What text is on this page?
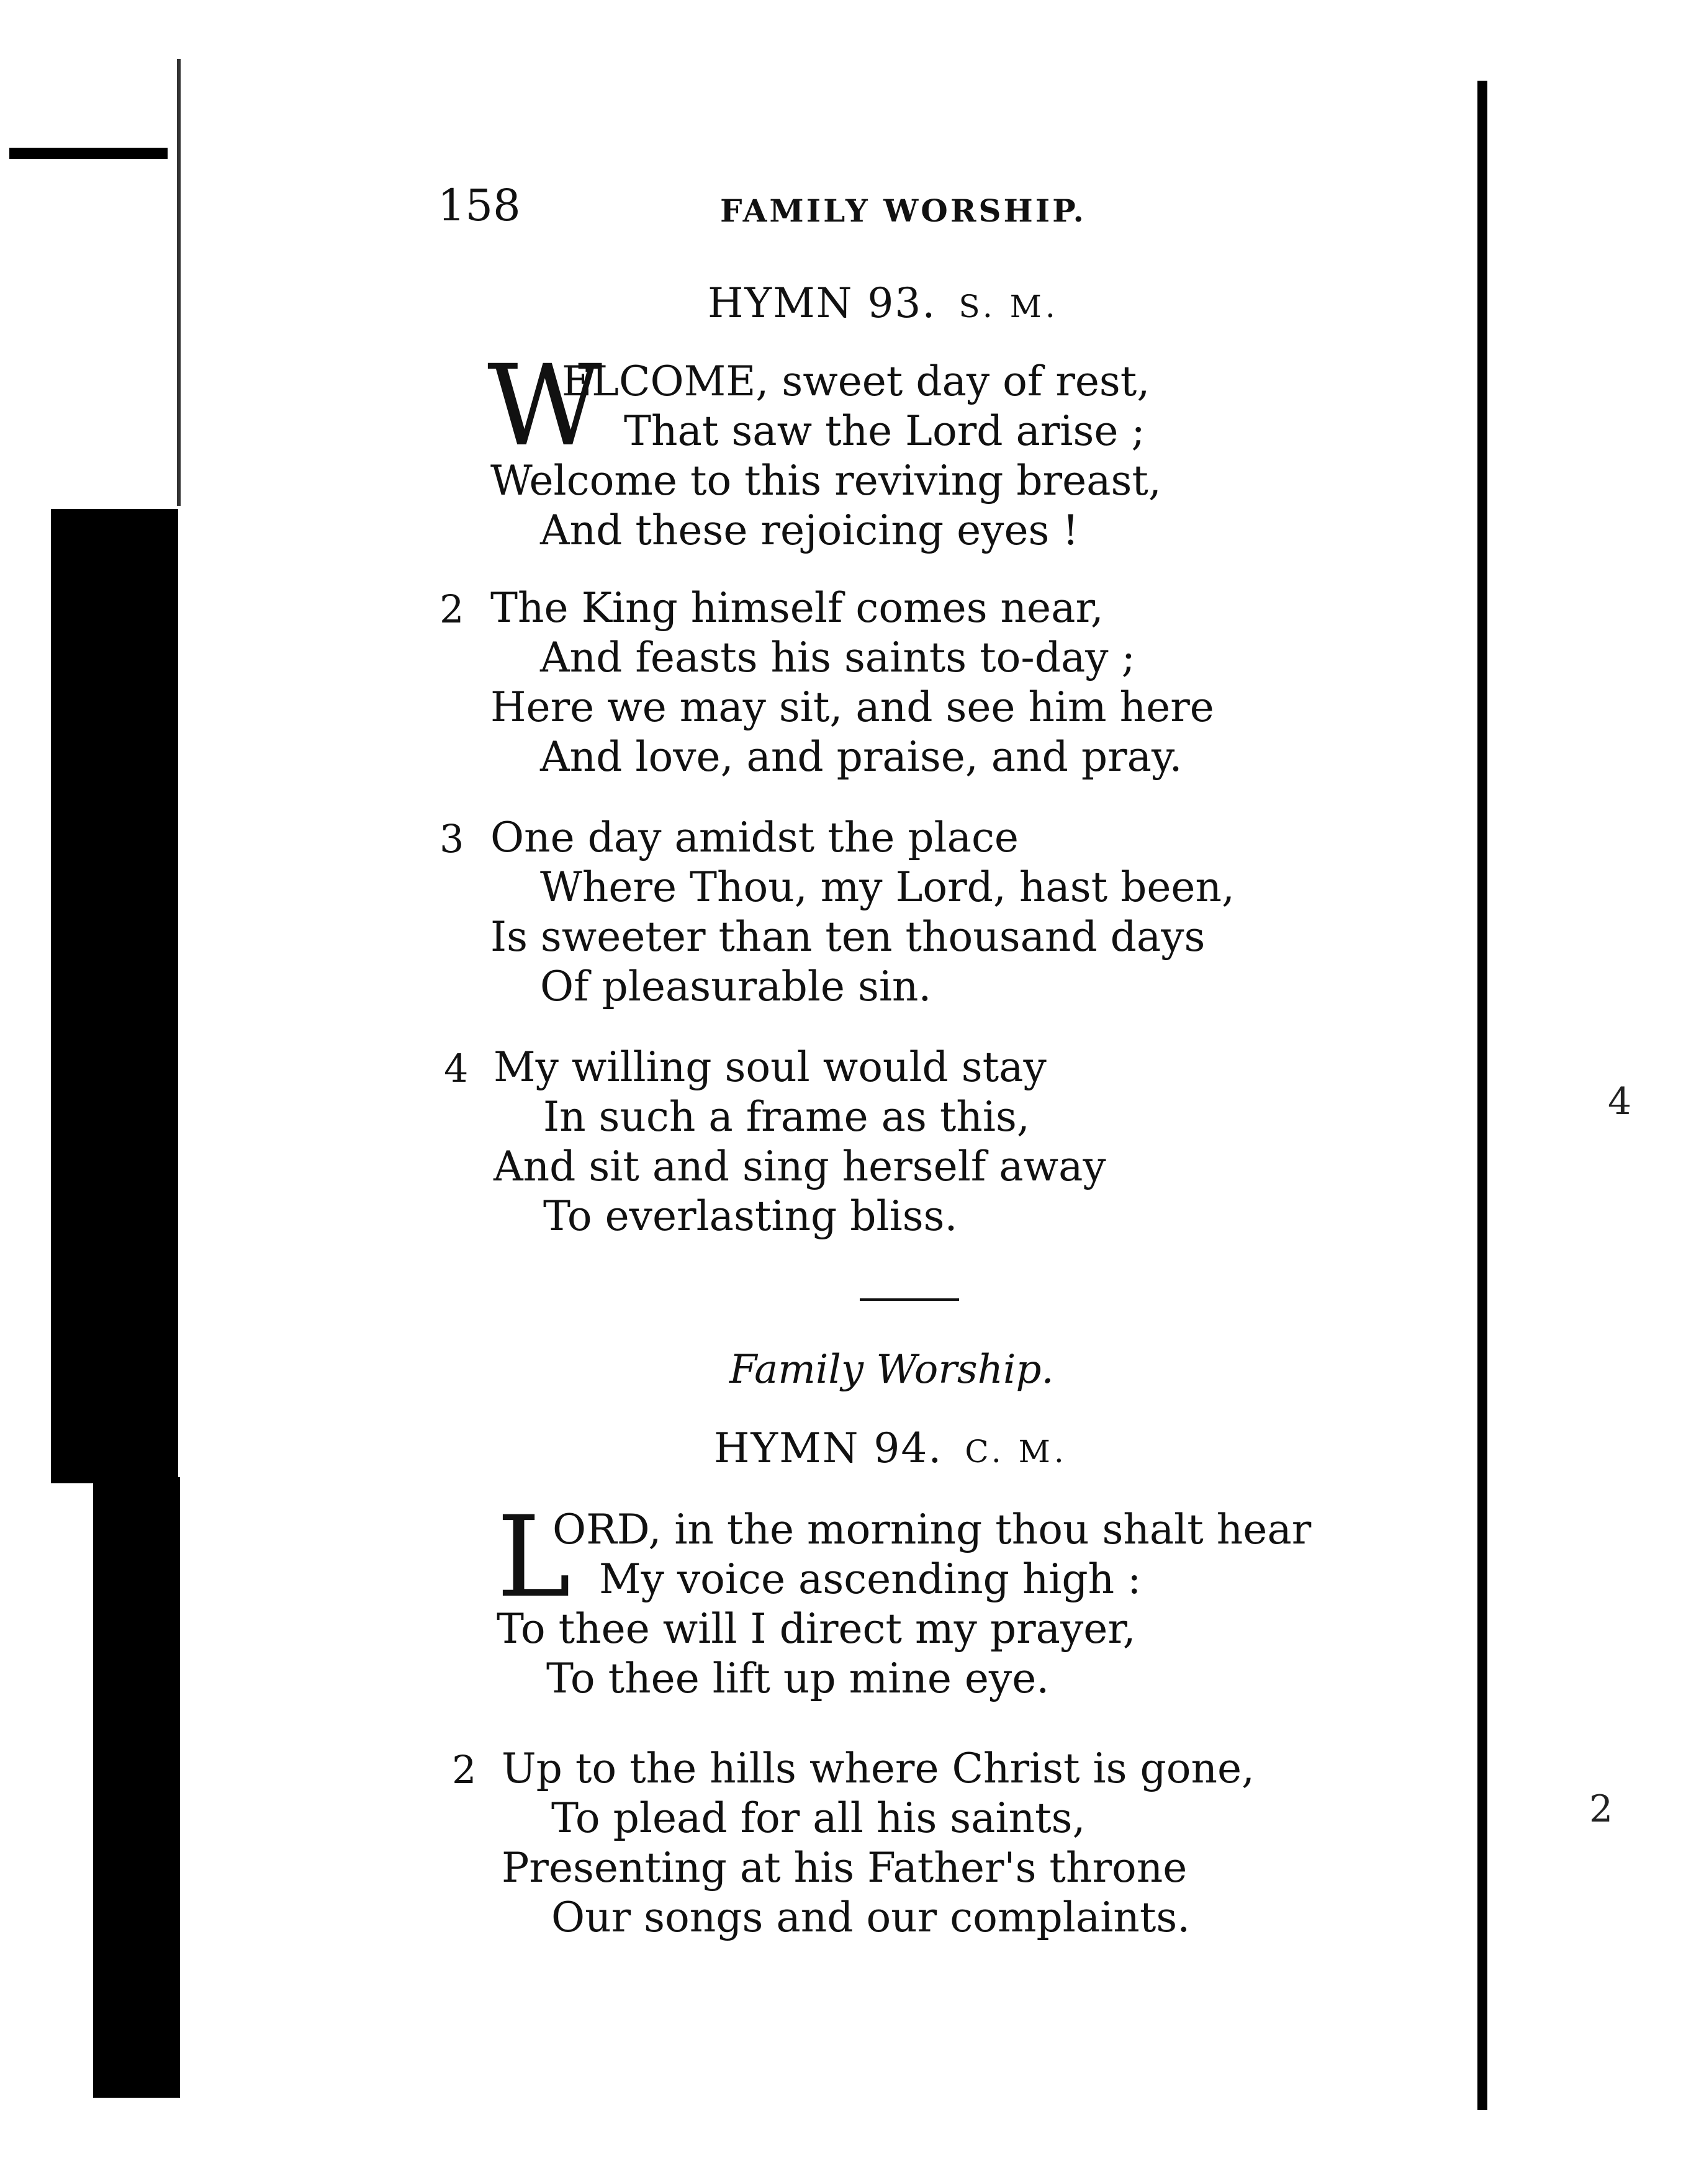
158	FAMILY WORSHIP.
HYMN 93. S. M.
W
ELCOME, sweet day of rest,
That saw the Lord arise ;
Welcome to this reviving breast,
And these rejoicing eyes !
2 The King himself comes near,
And feasts his saints to-day ;
Here we may sit, and see him here
And love, and praise, and pray.
3 One day amidst the place
Where Thou, my Lord, hast been,
Is sweeter than ten thousand days
Of pleasurable sin.
4 My willing soul would stay
In such a frame as this,
And sit and sing herself away
To everlasting bliss.
Family Worship.
HYMN 94. C. M.
L
ORD, in the morning thou shalt hear
My voice ascending high :
To thee will I direct my prayer,
To thee lift up mine eye.
2 Up to the hills where Christ is gone,
To plead for all his saints,
Presenting at his Father's throne
Our songs and our complaints.
4
2
